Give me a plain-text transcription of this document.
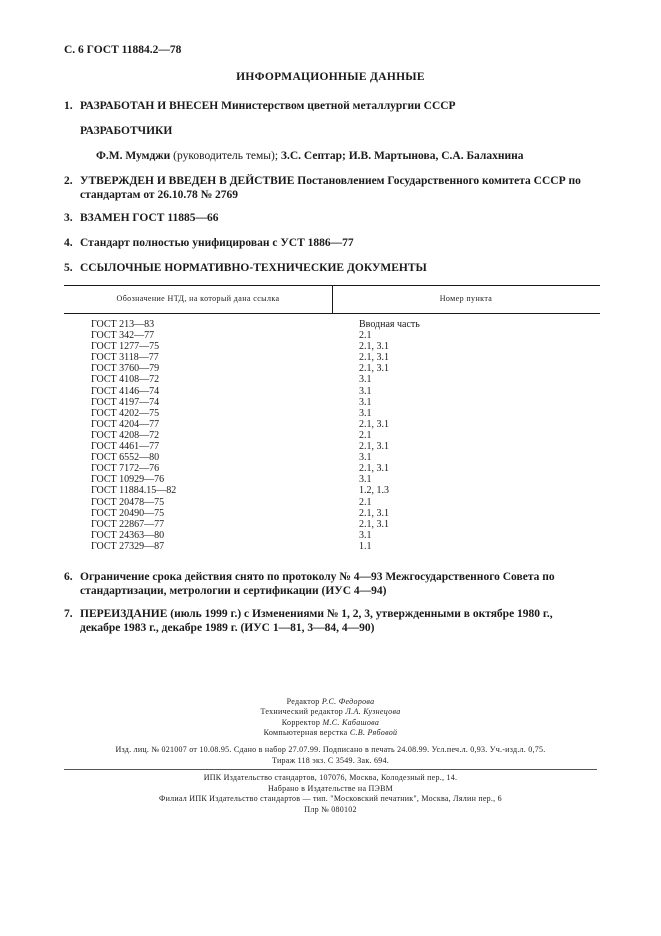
С. 6 ГОСТ 11884.2—78
ИНФОРМАЦИОННЫЕ ДАННЫЕ
1. РАЗРАБОТАН И ВНЕСЕН Министерством цветной металлургии СССР
РАЗРАБОТЧИКИ
Ф.М. Мумджи (руководитель темы); З.С. Септар; И.В. Мартынова, С.А. Балахнина
2. УТВЕРЖДЕН И ВВЕДЕН В ДЕЙСТВИЕ Постановлением Государственного комитета СССР по
стандартам от 26.10.78 № 2769
3. ВЗАМЕН ГОСТ 11885—66
4. Стандарт полностью унифицирован с УСТ 1886—77
5. ССЫЛОЧНЫЕ НОРМАТИВНО-ТЕХНИЧЕСКИЕ ДОКУМЕНТЫ
Обозначение НТД, на который дана ссылка	Номер пункта
ГОСТ 213—83	Вводная часть
ГОСТ 342—77	2.1
ГОСТ 1277—75	2.1, 3.1
ГОСТ 3118—77	2.1, 3.1
ГОСТ 3760—79	2.1, 3.1
ГОСТ 4108—72	3.1
ГОСТ 4146—74	3.1
ГОСТ 4197—74	3.1
ГОСТ 4202—75	3.1
ГОСТ 4204—77	2.1, 3.1
ГОСТ 4208—72	2.1
ГОСТ 4461—77	2.1, 3.1
ГОСТ 6552—80	3.1
ГОСТ 7172—76	2.1, 3.1
ГОСТ 10929—76	3.1
ГОСТ 11884.15—82	1.2, 1.3
ГОСТ 20478—75	2.1
ГОСТ 20490—75	2.1, 3.1
ГОСТ 22867—77	2.1, 3.1
ГОСТ 24363—80	3.1
ГОСТ 27329—87	1.1
6. Ограничение срока действия снято по протоколу № 4—93 Межгосударственного Совета по
стандартизации, метрологии и сертификации (ИУС 4—94)
7. ПЕРЕИЗДАНИЕ (июль 1999 г.) с Изменениями № 1, 2, 3, утвержденными в октябре 1980 г.,
декабре 1983 г., декабре 1989 г. (ИУС 1—81, 3—84, 4—90)
Редактор Р.С. Федорова
Технический редактор Л.А. Кузнецова
Корректор М.С. Кабашова
Компьютерная верстка С.В. Рябовой
Изд. лиц. № 021007 от 10.08.95. Сдано в набор 27.07.99. Подписано в печать 24.08.99. Усл.печ.л. 0,93. Уч.-изд.л. 0,75.
Тираж 118 экз. С 3549. Зак. 694.
ИПК Издательство стандартов, 107076, Москва, Колодезный пер., 14.
Набрано в Издательстве на ПЭВМ
Филиал ИПК Издательство стандартов — тип. "Московский печатник", Москва, Лялин пер., 6
Плр № 080102
